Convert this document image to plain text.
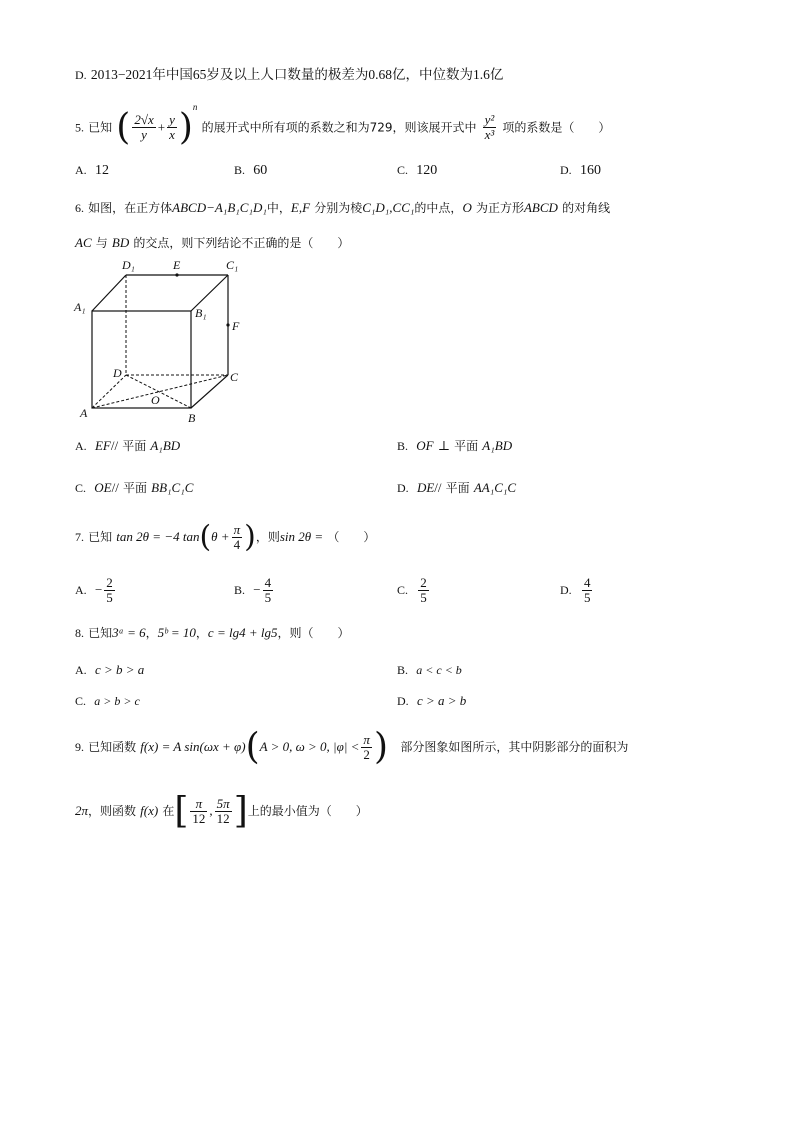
D. 2013−2021年中国65岁及以上人口数量的极差为0.68亿，中位数为1.6亿
5. 已知 ( $\frac{2√x}{y} + \frac{y}{x} )^n$ 的展开式中所有项的系数之和为729，则该展开式中 $\frac{\text{y²}}{\text{x³}}$ 项的系数是（　　）
A. 12	B. 60	C. 120	D. 160
6. 如图，在正方体ABCD−A₁B₁C₁D₁中，E,F 分别为棱C₁D₁,CC₁的中点，O 为正方形ABCD 的对角线
AC 与 BD 的交点，则下列结论不正确的是（　　）
D₁	E	C₁
A₁	B₁
F
D	C
O
A	B
A. EF// 平面 A₁BD	B. OF ⊥ 平面 A₁BD
C. OE// 平面 BB₁C₁C	D. DE// 平面 AA₁C₁C
7. 已知 tan 2θ = −4 $\tan(\theta + \frac{\pi}{4}$ )，则sin 2θ = （　　）
A. − $\frac{2}{5}$	B. − $\frac{4}{5}$	C. $\frac{2}{5}$	D. $\frac{4}{5}$
8. 已知3ᵃ = 6，5ᵇ = 10，c = lg4 + lg5，则（　　）
A. c > b > a	B. a < c < b
C. a > b > c	D. c > a > b
9. 已知函数 f(x) = A sin(ωx + φ)(A > 0, ω > 0, $|\varphi| < \frac{\pi}{2}$ ) 部分图象如图所示，其中阴影部分的面积为
2π，则函数 f(x) 在[ $\frac{\pi}{12}$ , $\frac{5\pi}{12}$ ]上的最小值为（　　）
